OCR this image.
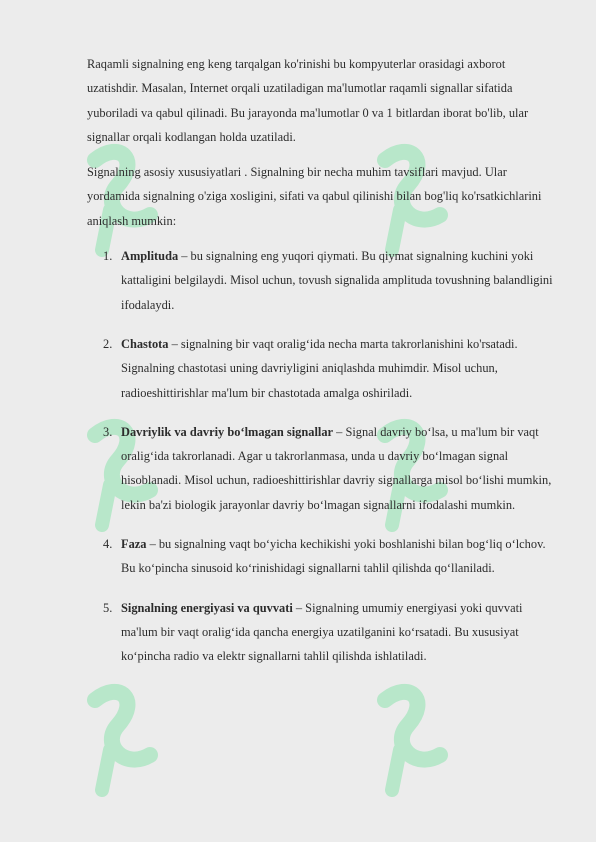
Raqamli signalning eng keng tarqalgan ko'rinishi bu kompyuterlar orasidagi axborot uzatishdir. Masalan, Internet orqali uzatiladigan ma'lumotlar raqamli signallar sifatida yuboriladi va qabul qilinadi. Bu jarayonda ma'lumotlar 0 va 1 bitlardan iborat bo'lib, ular signallar orqali kodlangan holda uzatiladi.

Signalning asosiy xususiyatlari . Signalning bir necha muhim tavsiflari mavjud. Ular yordamida signalning o'ziga xosligini, sifati va qabul qilinishi bilan bog'liq ko'rsatkichlarini aniqlash mumkin:

1. Amplituda – bu signalning eng yuqori qiymati. Bu qiymat signalning kuchini yoki kattaligini belgilaydi. Misol uchun, tovush signalida amplituda tovushning balandligini ifodalaydi.
2. Chastota – signalning bir vaqt oralig‘ida necha marta takrorlanishini ko'rsatadi. Signalning chastotasi uning davriyligini aniqlashda muhimdir. Misol uchun, radioeshittirishlar ma'lum bir chastotada amalga oshiriladi.
3. Davriylik va davriy bo‘lmagan signallar – Signal davriy bo‘lsa, u ma'lum bir vaqt oralig‘ida takrorlanadi. Agar u takrorlanmasa, unda u davriy bo‘lmagan signal hisoblanadi. Misol uchun, radioeshittirishlar davriy signallarga misol bo‘lishi mumkin, lekin ba'zi biologik jarayonlar davriy bo‘lmagan signallarni ifodalashi mumkin.
4. Faza – bu signalning vaqt bo‘yicha kechikishi yoki boshlanishi bilan bog‘liq o‘lchov. Bu ko‘pincha sinusoid ko‘rinishidagi signallarni tahlil qilishda qo‘llaniladi.
5. Signalning energiyasi va quvvati – Signalning umumiy energiyasi yoki quvvati ma'lum bir vaqt oralig‘ida qancha energiya uzatilganini ko‘rsatadi. Bu xususiyat ko‘pincha radio va elektr signallarni tahlil qilishda ishlatiladi.
